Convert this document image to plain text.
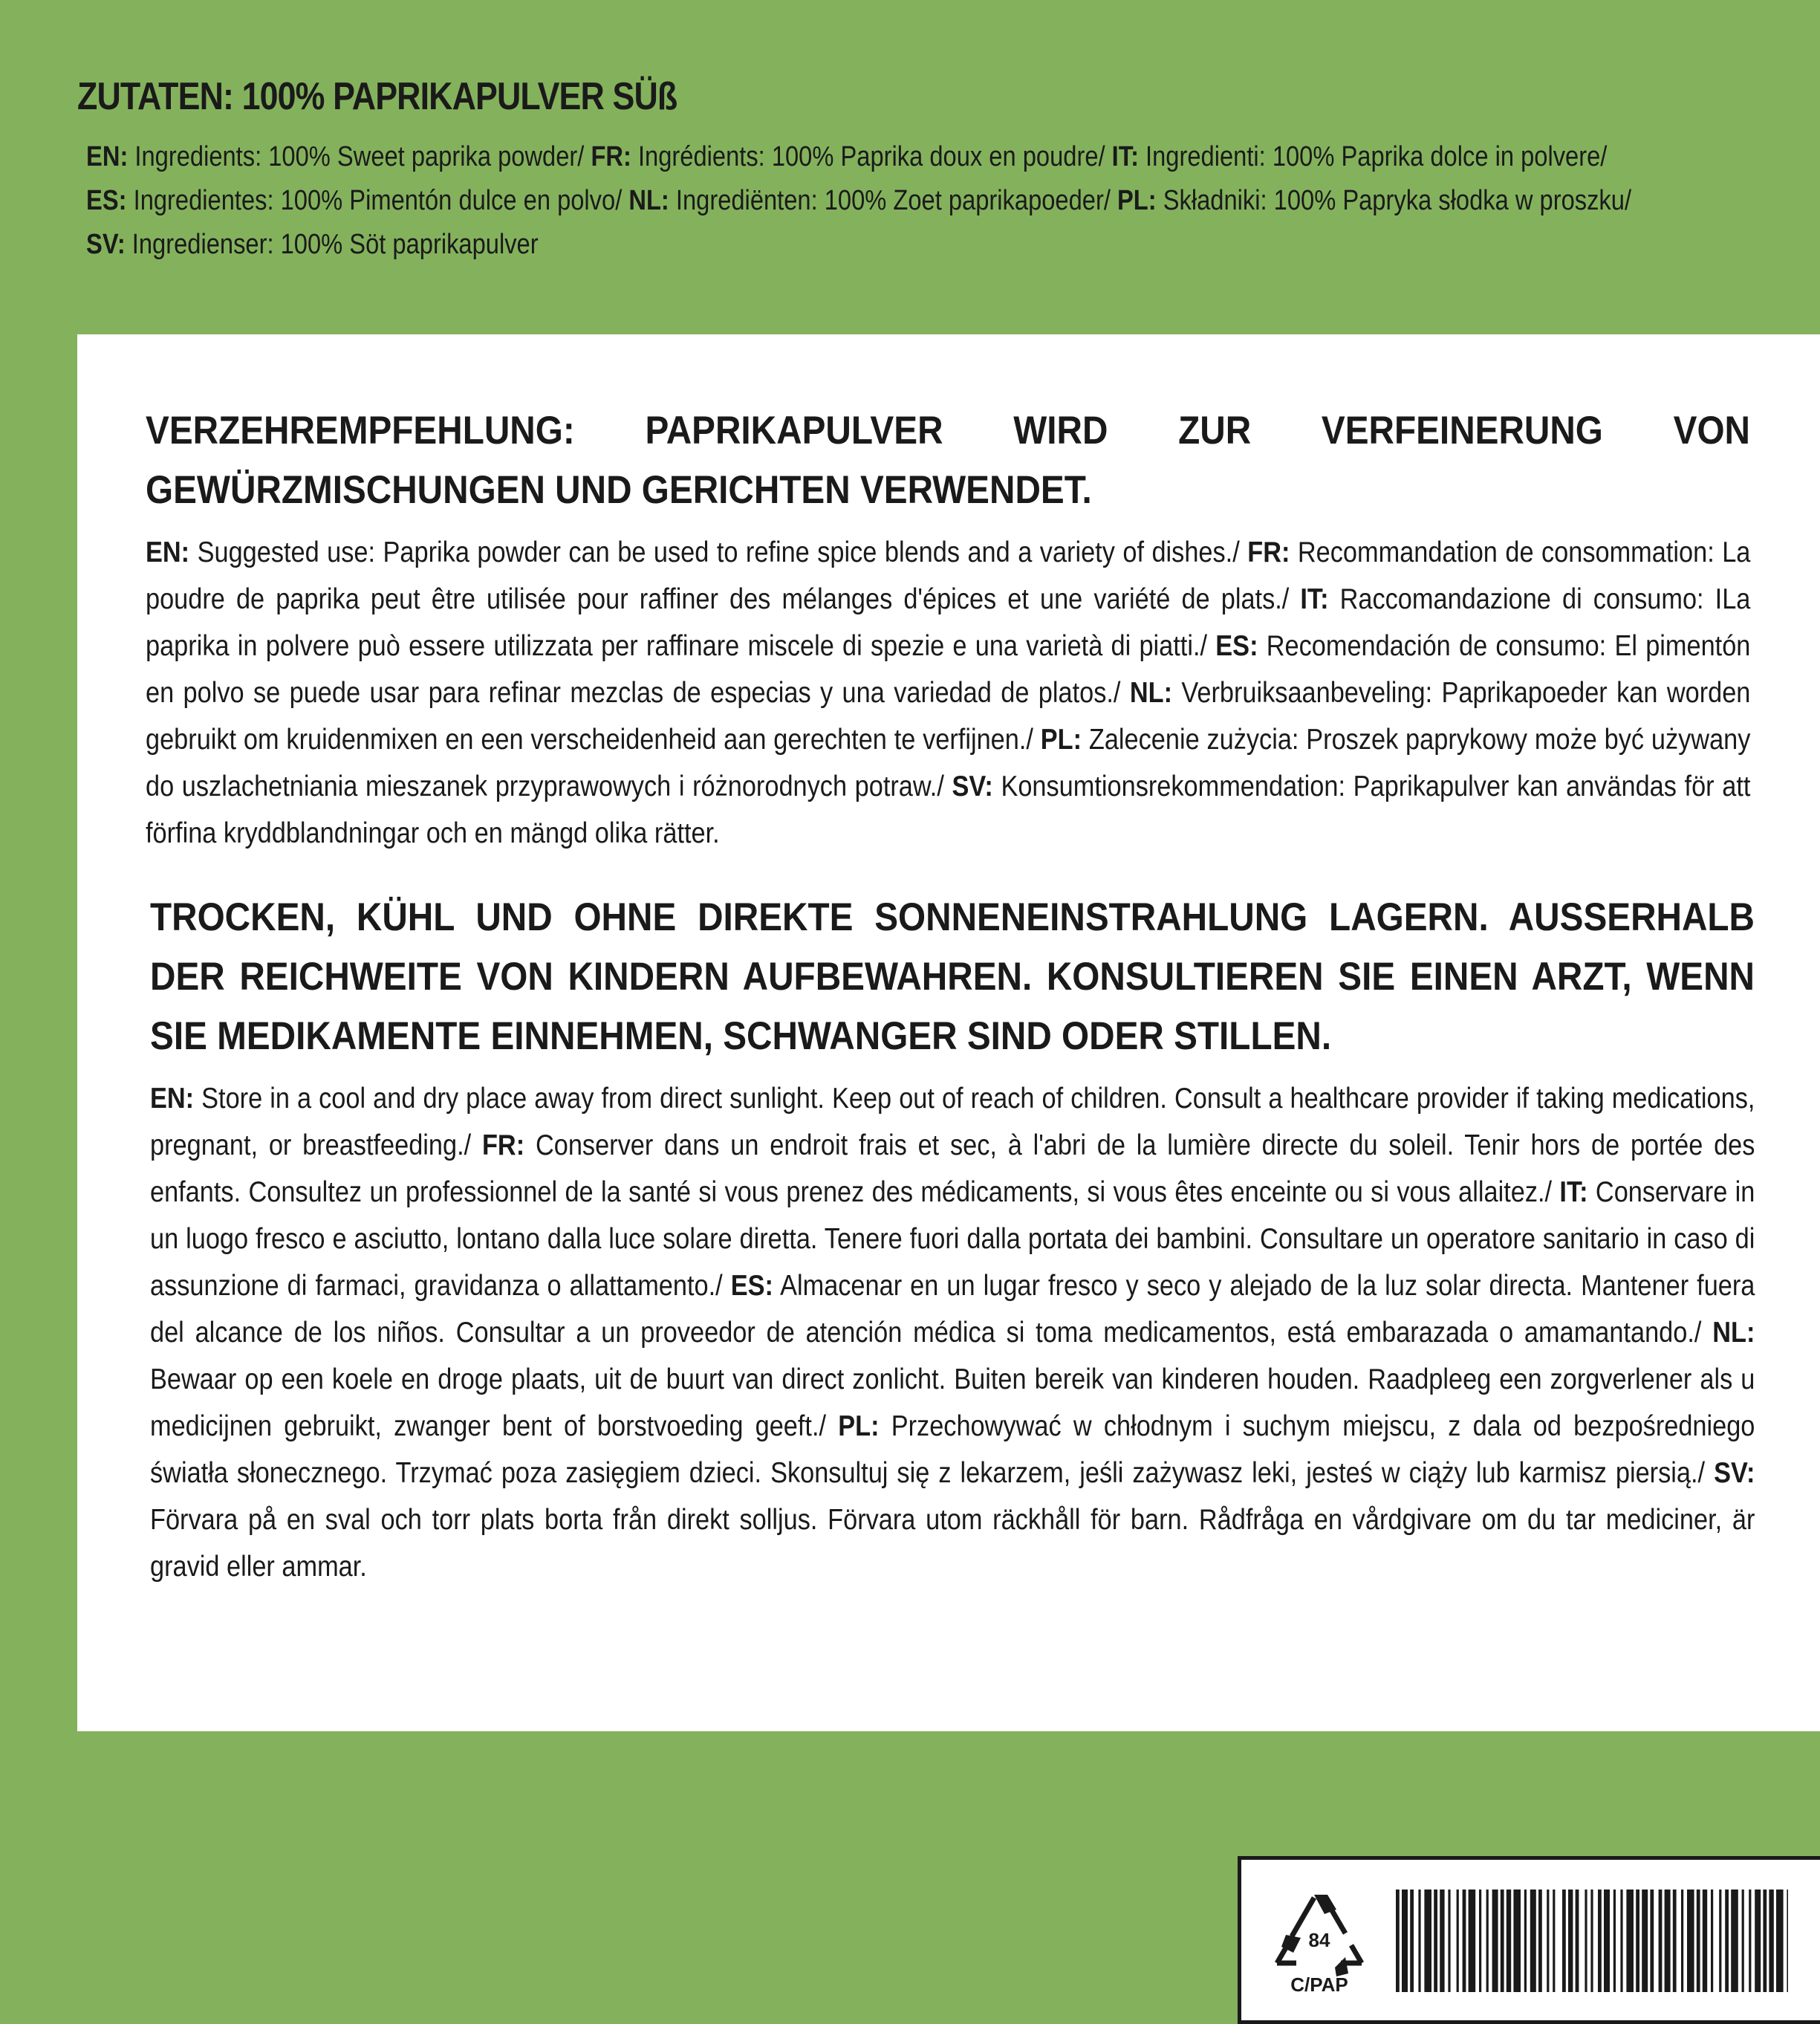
ZUTATEN: 100% PAPRIKAPULVER SÜß

EN: Ingredients: 100% Sweet paprika powder/ FR: Ingrédients: 100% Paprika doux en poudre/ IT: Ingredienti: 100% Paprika dolce in polvere/
ES: Ingredientes: 100% Pimentón dulce en polvo/ NL: Ingrediënten: 100% Zoet paprikapoeder/ PL: Składniki: 100% Papryka słodka w proszku/
SV: Ingredienser: 100% Söt paprikapulver

VERZEHREMPFEHLUNG: PAPRIKAPULVER WIRD ZUR VERFEINERUNG VON GEWÜRZMISCHUNGEN UND GERICHTEN VERWENDET.

EN: Suggested use: Paprika powder can be used to refine spice blends and a variety of dishes./ FR: Recommandation de consommation: La poudre de paprika peut être utilisée pour raffiner des mélanges d'épices et une variété de plats./ IT: Raccomandazione di consumo: ILa paprika in polvere può essere utilizzata per raffinare miscele di spezie e una varietà di piatti./ ES: Recomendación de consumo: El pimentón en polvo se puede usar para refinar mezclas de especias y una variedad de platos./ NL: Verbruiksaanbeveling: Paprikapoeder kan worden gebruikt om kruidenmixen en een verscheidenheid aan gerechten te verfijnen./ PL: Zalecenie zużycia: Proszek paprykowy może być używany do uszlachetniania mieszanek przyprawowych i różnorodnych potraw./ SV: Konsumtionsrekommendation: Paprikapulver kan användas för att förfina kryddblandningar och en mängd olika rätter.

TROCKEN, KÜHL UND OHNE DIREKTE SONNENEINSTRAHLUNG LAGERN. AUSSERHALB DER REICHWEITE VON KINDERN AUFBEWAHREN. KONSULTIEREN SIE EINEN ARZT, WENN SIE MEDIKAMENTE EINNEHMEN, SCHWANGER SIND ODER STILLEN.

EN: Store in a cool and dry place away from direct sunlight. Keep out of reach of children. Consult a healthcare provider if taking medications, pregnant, or breastfeeding./ FR: Conserver dans un endroit frais et sec, à l'abri de la lumière directe du soleil. Tenir hors de portée des enfants. Consultez un professionnel de la santé si vous prenez des médicaments, si vous êtes enceinte ou si vous allaitez./ IT: Conservare in un luogo fresco e asciutto, lontano dalla luce solare diretta. Tenere fuori dalla portata dei bambini. Consultare un operatore sanitario in caso di assunzione di farmaci, gravidanza o allattamento./ ES: Almacenar en un lugar fresco y seco y alejado de la luz solar directa. Mantener fuera del alcance de los niños. Consultar a un proveedor de atención médica si toma medicamentos, está embarazada o amamantando./ NL: Bewaar op een koele en droge plaats, uit de buurt van direct zonlicht. Buiten bereik van kinderen houden. Raadpleeg een zorgverlener als u medicijnen gebruikt, zwanger bent of borstvoeding geeft./ PL: Przechowywać w chłodnym i suchym miejscu, z dala od bezpośredniego światła słonecznego. Trzymać poza zasięgiem dzieci. Skonsultuj się z lekarzem, jeśli zażywasz leki, jesteś w ciąży lub karmisz piersią./ SV: Förvara på en sval och torr plats borta från direkt solljus. Förvara utom räckhåll för barn. Rådfråga en vårdgivare om du tar mediciner, är gravid eller ammar.

84
C/PAP
